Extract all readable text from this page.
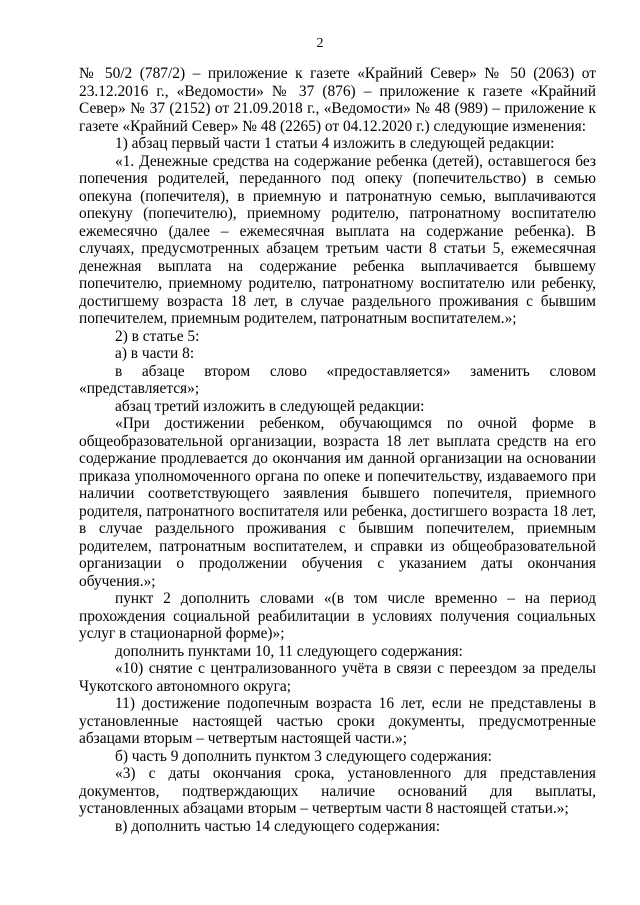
2

№ 50/2 (787/2) – приложение к газете «Крайний Север» № 50 (2063) от 23.12.2016 г., «Ведомости» № 37 (876) – приложение к газете «Крайний Север» № 37 (2152) от 21.09.2018 г., «Ведомости» № 48 (989) – приложение к газете «Крайний Север» № 48 (2265) от 04.12.2020 г.) следующие изменения:

1) абзац первый части 1 статьи 4 изложить в следующей редакции:

«1. Денежные средства на содержание ребенка (детей), оставшегося без попечения родителей, переданного под опеку (попечительство) в семью опекуна (попечителя), в приемную и патронатную семью, выплачиваются опекуну (попечителю), приемному родителю, патронатному воспитателю ежемесячно (далее – ежемесячная выплата на содержание ребенка). В случаях, предусмотренных абзацем третьим части 8 статьи 5, ежемесячная денежная выплата на содержание ребенка выплачивается бывшему попечителю, приемному родителю, патронатному воспитателю или ребенку, достигшему возраста 18 лет, в случае раздельного проживания с бывшим попечителем, приемным родителем, патронатным воспитателем.»;

2) в статье 5:

а) в части 8:

в абзаце втором слово «предоставляется» заменить словом «представляется»;

абзац третий изложить в следующей редакции:

«При достижении ребенком, обучающимся по очной форме в общеобразовательной организации, возраста 18 лет выплата средств на его содержание продлевается до окончания им данной организации на основании приказа уполномоченного органа по опеке и попечительству, издаваемого при наличии соответствующего заявления бывшего попечителя, приемного родителя, патронатного воспитателя или ребенка, достигшего возраста 18 лет, в случае раздельного проживания с бывшим попечителем, приемным родителем, патронатным воспитателем, и справки из общеобразовательной организации о продолжении обучения с указанием даты окончания обучения.»;

пункт 2 дополнить словами «(в том числе временно – на период прохождения социальной реабилитации в условиях получения социальных услуг в стационарной форме)»;

дополнить пунктами 10, 11 следующего содержания:

«10) снятие с централизованного учёта в связи с переездом за пределы Чукотского автономного округа;

11) достижение подопечным возраста 16 лет, если не представлены в установленные настоящей частью сроки документы, предусмотренные абзацами вторым – четвертым настоящей части.»;

б) часть 9 дополнить пунктом 3 следующего содержания:

«3) с даты окончания срока, установленного для представления документов, подтверждающих наличие оснований для выплаты, установленных абзацами вторым – четвертым части 8 настоящей статьи.»;

в) дополнить частью 14 следующего содержания:
